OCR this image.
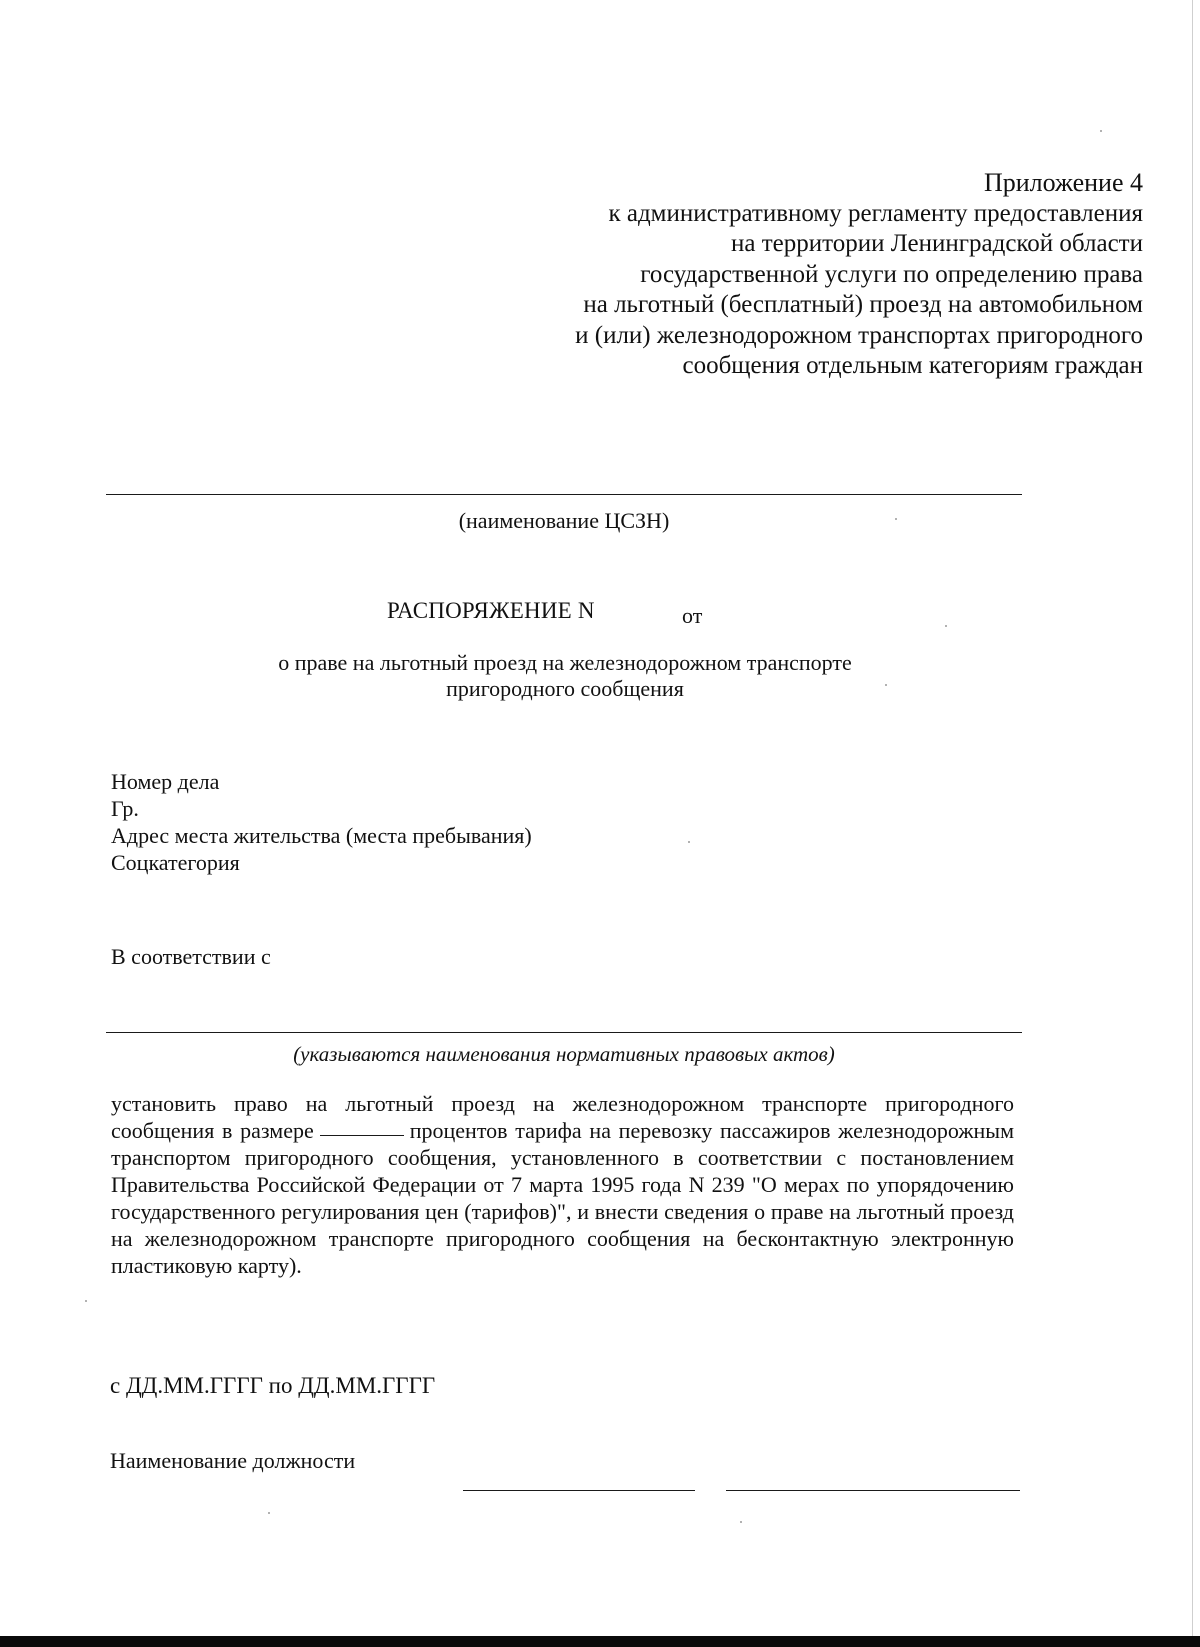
Приложение 4
к административному регламенту предоставления
на территории Ленинградской области
государственной услуги по определению права
на льготный (бесплатный) проезд на автомобильном
и (или) железнодорожном транспортах пригородного
сообщения отдельным категориям граждан
(наименование ЦСЗН)
РАСПОРЯЖЕНИЕ N	от
о праве на льготный проезд на железнодорожном транспорте
пригородного сообщения
Номер дела
Гр.
Адрес места жительства (места пребывания)
Соцкатегория
В соответствии с
(указываются наименования нормативных правовых актов)
установить право на льготный проезд на железнодорожном транспорте пригородного сообщения в размере	процентов тарифа на перевозку пассажиров железнодорожным транспортом пригородного сообщения, установленного в соответствии с постановлением Правительства Российской Федерации от 7 марта 1995 года N 239 "О мерах по упорядочению государственного регулирования цен (тарифов)", и внести сведения о праве на льготный проезд на железнодорожном транспорте пригородного сообщения на бесконтактную электронную пластиковую карту).
с ДД.ММ.ГГГГ по ДД.ММ.ГГГГ
Наименование должности
